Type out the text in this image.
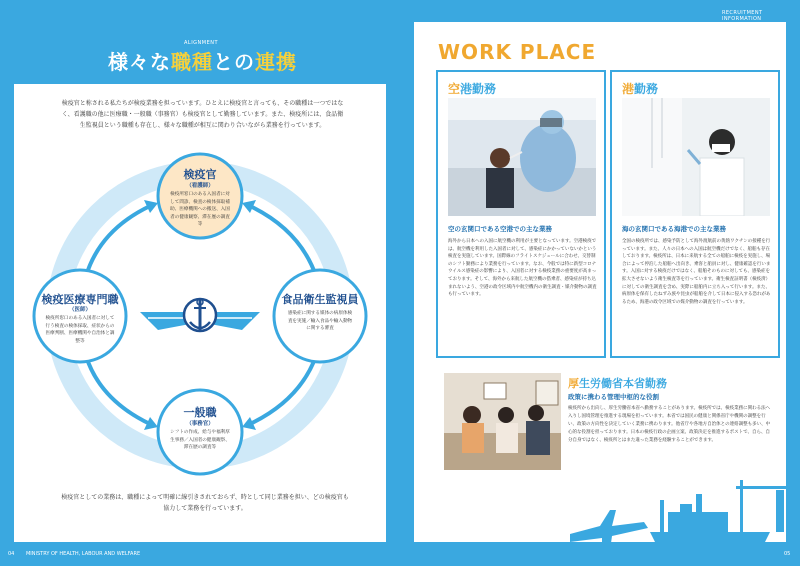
ALIGNMENT
様々な職種との連携
検疫官と称される私たちが検疫業務を担っています。ひとえに検疫官と言っても、その職種は一つではなく、看護職の他に医療職・一般職（事務官）も検疫官として勤務しています。また、検疫所には、食品衛生監視員という職種も存在し、様々な職種が相互に関わり合いながら業務を行っています。
検疫官
（看護師）
検疫所窓口のある入国者に対して問診、検査の検体採取補助、医療機関への搬送、入国者の健康観察、滞在歴の調査等
検疫医療専門職
（医師）
検疫所窓口のある入国者に対して行う検査の検体採取、症状からの医療判断、医療機関や自治体と調整等
食品衛生監視員
感染症に関する媒体の病原体検査を実施／輸入食品や輸入動物に関する審査
一般職
（事務官）
シフトの作成、給与や福利厚生事務／入国者の健康観察、滞在歴の調査等
検疫官としての業務は、職種によって明確に線引きされておらず、時として同じ業務を担い、どの検疫官も協力して業務を行っています。
04 MINISTRY OF HEALTH, LABOUR AND WELFARE
RECRUITMENT INFORMATION
WORK PLACE
空港勤務
空の玄関口である空港での主な業務
海外から日本への入国に航空機の利用が主要となっています。空港検疫では、航空機を利用した入国者に対して、感染症にかかっていないかという検査を実施しています。国際線のフライトスケジュールに合わせ、交替制のシフト勤務により業務を行っています。なお、今般では特に新型コロナウイルス感染症の影響により、入国者に対する検疫業務の重要度が高まっております。そして、海外から来航した航空機の搭乗者、感染症が持ち込まれないよう、空港の政令区域内や航空機内の衛生調査・媒介動物の調査も行っています。
港勤務
海の玄関口である海港での主な業務
全国の検疫所では、感染予防として海外渡航前の黄熱ワクチンの接種を行っています。また、人々の日本への入国は航空機だけでなく、船舶も存在しております。検疫所は、日本に来航する全ての船舶に検疫を実施し、場合によって停泊した船舶へ出向き、乗客と船員に対し、健康確認を行います。入国に対する検疫だけではなく、船舶そのものに対しても、感染症を拡大させないよう衛生検査等を行っています。衛生検査証明書（検疫済）に対しての衛生調査を含め、実際に船舶内に立ち入って行います。また、病原体を保有したねずみ族や昆虫が船舶を介して日本に侵入する恐れがあるため、海港の政令区域での媒介動物の調査を行っています。
厚生労働省本省勤務
政策に携わる管理中枢的な役割
検疫所から出向し、厚生労働省本省へ勤務することがあります。検疫所では、検疫業務に関わる法へ入りし国境管理を推進する現場を担っています。本省では国民の健康と関係省庁や機関の調整を行い、政策の方向性を決定していく業務に携わります。他省庁や各地方自治体との連絡調整も多い、中心的な役割を担っております。日本の検疫行政の企画立案、政策決定を推進するポストで、自ら、自分自身ではなく、検疫所とはまた違った業務を経験することができます。
05
